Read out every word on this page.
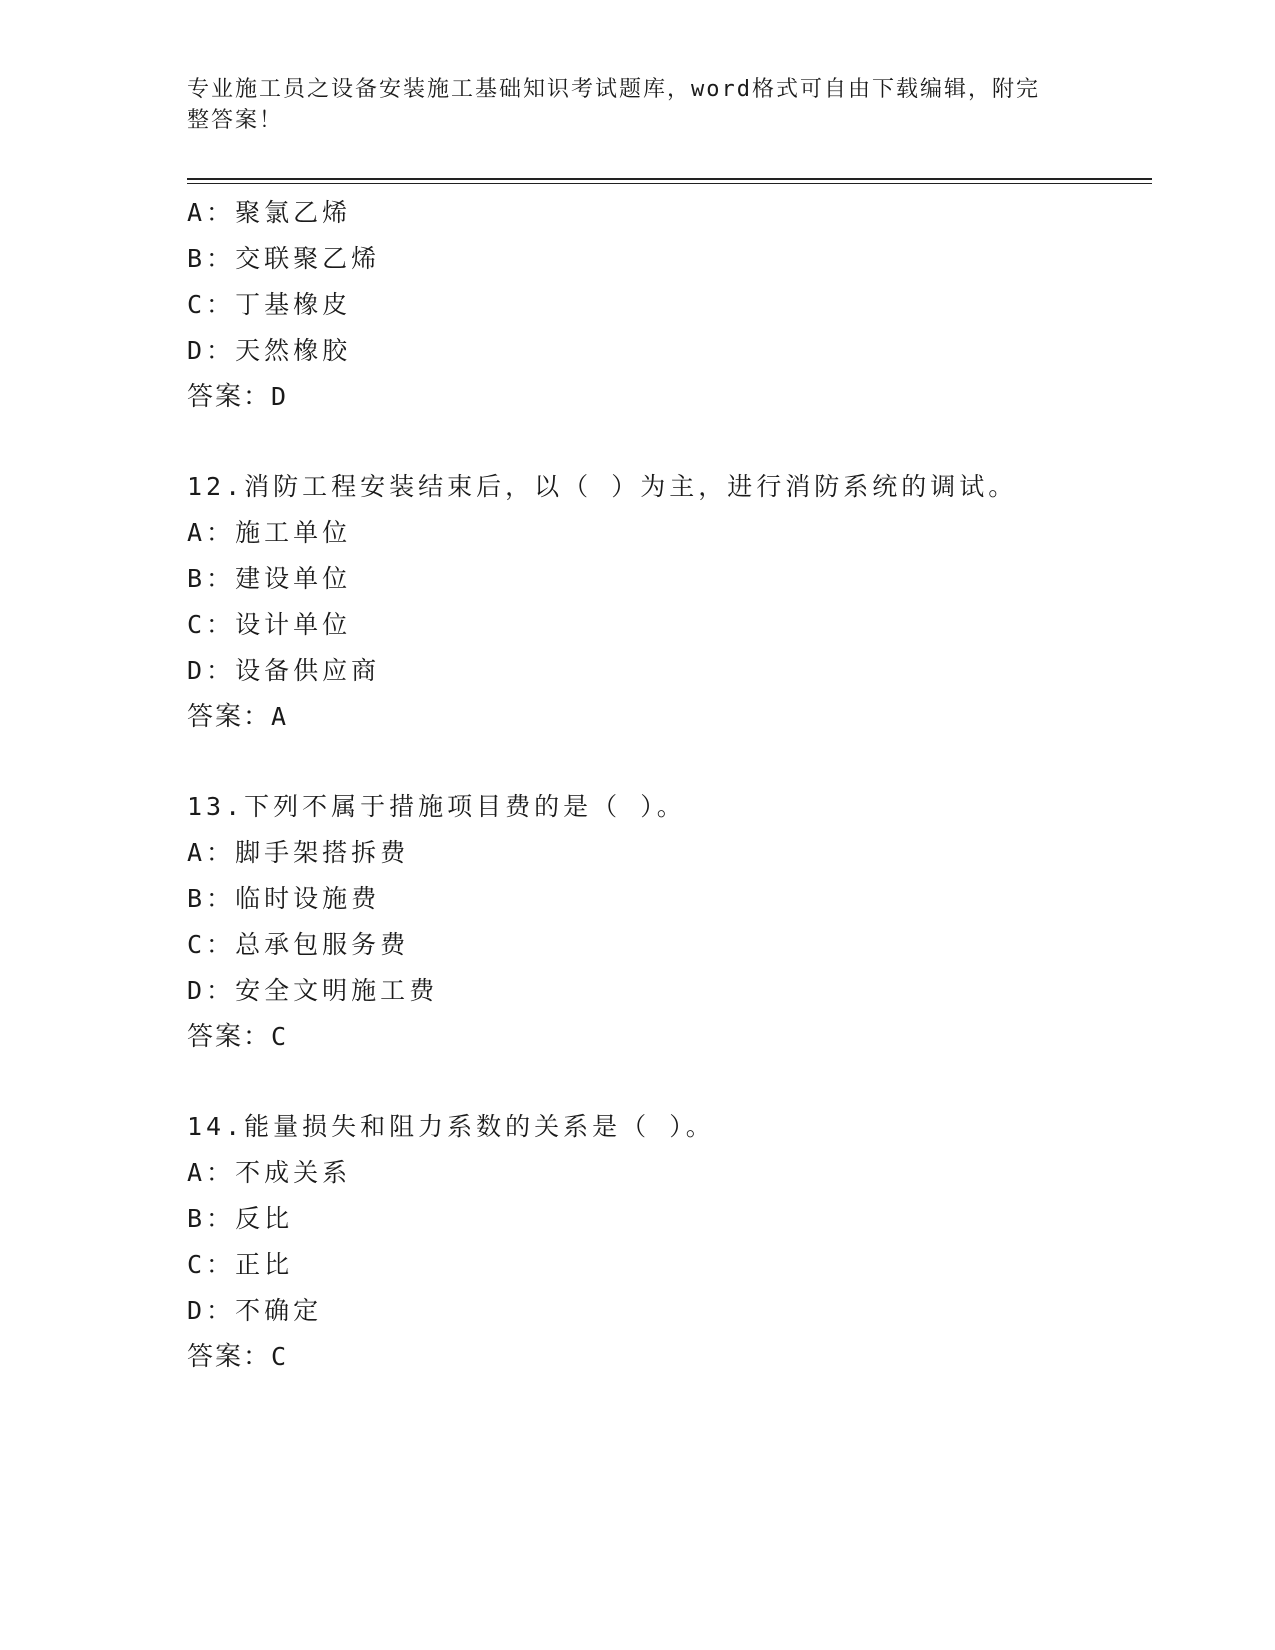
专业施工员之设备安装施工基础知识考试题库，word格式可自由下载编辑，附完
整答案！
A：聚氯乙烯
B：交联聚乙烯
C：丁基橡皮
D：天然橡胶
答案：D
12.消防工程安装结束后，以（ ）为主，进行消防系统的调试。
A：施工单位
B：建设单位
C：设计单位
D：设备供应商
答案：A
13.下列不属于措施项目费的是（ ）。
A：脚手架搭拆费
B：临时设施费
C：总承包服务费
D：安全文明施工费
答案：C
14.能量损失和阻力系数的关系是（ ）。
A：不成关系
B：反比
C：正比
D：不确定
答案：C
